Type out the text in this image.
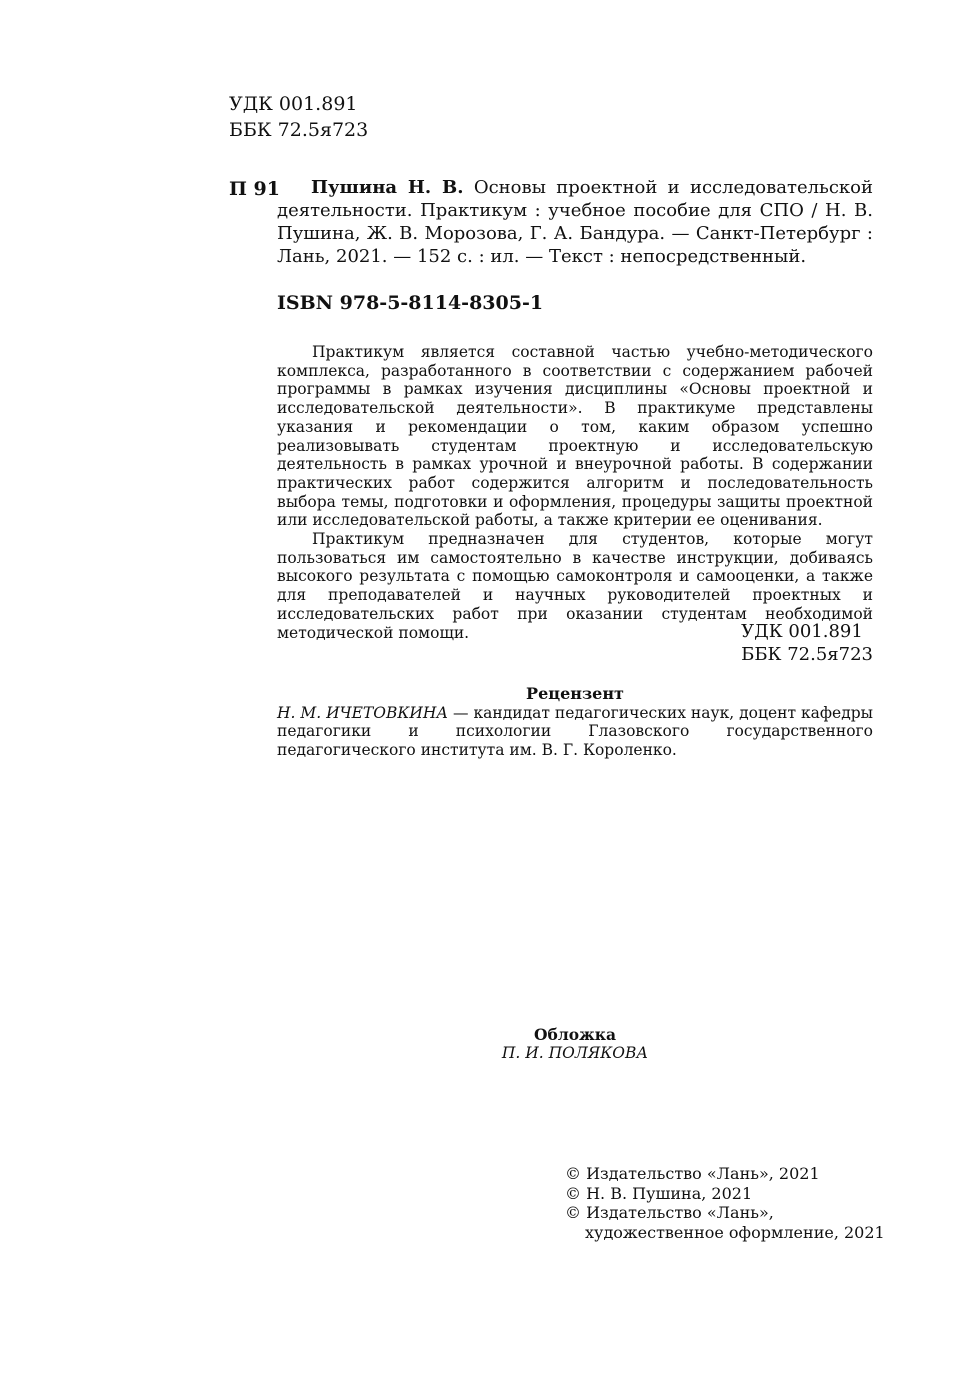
УДК 001.891
ББК 72.5я723
П 91	Пушина Н. В. Основы проектной и исследовательской деятельности. Практикум : учебное пособие для СПО / Н. В. Пушина, Ж. В. Морозова, Г. А. Бандура. — Санкт-Петербург : Лань, 2021. — 152 с. : ил. — Текст : непосредственный.

ISBN 978-5-8114-8305-1

Практикум является составной частью учебно-методического комплекса, разработанного в соответствии с содержанием рабочей программы в рамках изучения дисциплины «Основы проектной и исследовательской деятельности». В практикуме представлены указания и рекомендации о том, каким образом успешно реализовывать студентам проектную и исследовательскую деятельность в рамках урочной и внеурочной работы. В содержании практических работ содержится алгоритм и последовательность выбора темы, подготовки и оформления, процедуры защиты проектной или исследовательской работы, а также критерии ее оценивания.

Практикум предназначен для студентов, которые могут пользоваться им самостоятельно в качестве инструкции, добиваясь высокого результата с помощью самоконтроля и самооценки, а также для преподавателей и научных руководителей проектных и исследовательских работ при оказании студентам необходимой методической помощи.	УДК 001.891
ББК 72.5я723
Рецензент

Н. М. ИЧЕТОВКИНА — кандидат педагогических наук, доцент кафедры педагогики и психологии Глазовского государственного педагогического института им. В. Г. Короленко.

Обложка
П. И. ПОЛЯКОВА
© Издательство «Лань», 2021
© Н. В. Пушина, 2021
© Издательство «Лань»,
художественное оформление, 2021
